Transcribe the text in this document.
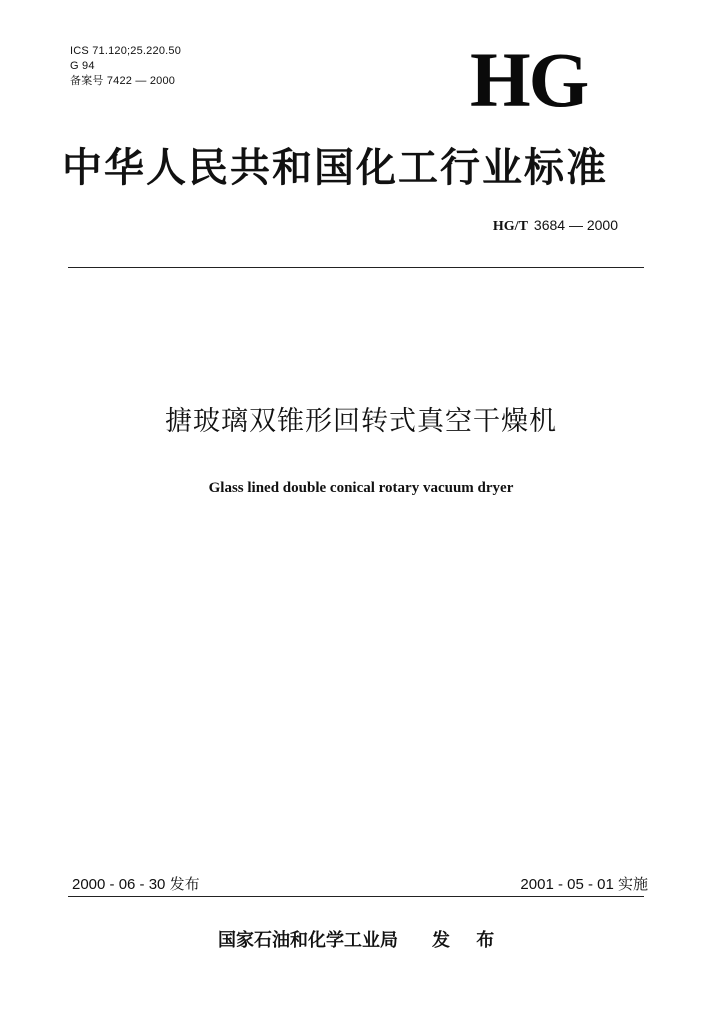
ICS 71.120;25.220.50
G 94
备案号 7422 — 2000	HG
中华人民共和国化工行业标准
HG/T 3684 — 2000
搪玻璃双锥形回转式真空干燥机
Glass lined double conical rotary vacuum dryer
2000 - 06 - 30 发布	2001 - 05 - 01 实施
国家石油和化学工业局 发 布
